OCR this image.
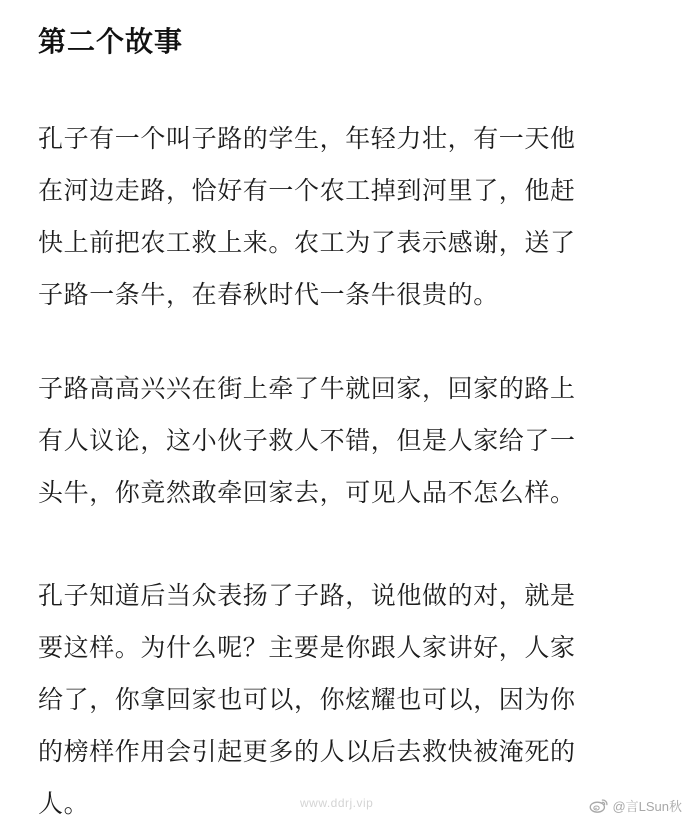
第二个故事
孔子有一个叫子路的学生，年轻力壮，有一天他
在河边走路，恰好有一个农工掉到河里了，他赶
快上前把农工救上来。农工为了表示感谢，送了
子路一条牛，在春秋时代一条牛很贵的。
子路高高兴兴在街上牵了牛就回家，回家的路上
有人议论，这小伙子救人不错，但是人家给了一
头牛，你竟然敢牵回家去，可见人品不怎么样。
孔子知道后当众表扬了子路，说他做的对，就是
要这样。为什么呢？主要是你跟人家讲好，人家
给了，你拿回家也可以，你炫耀也可以，因为你
的榜样作用会引起更多的人以后去救快被淹死的
人。	www.ddrj.vip	@言LSun秋
